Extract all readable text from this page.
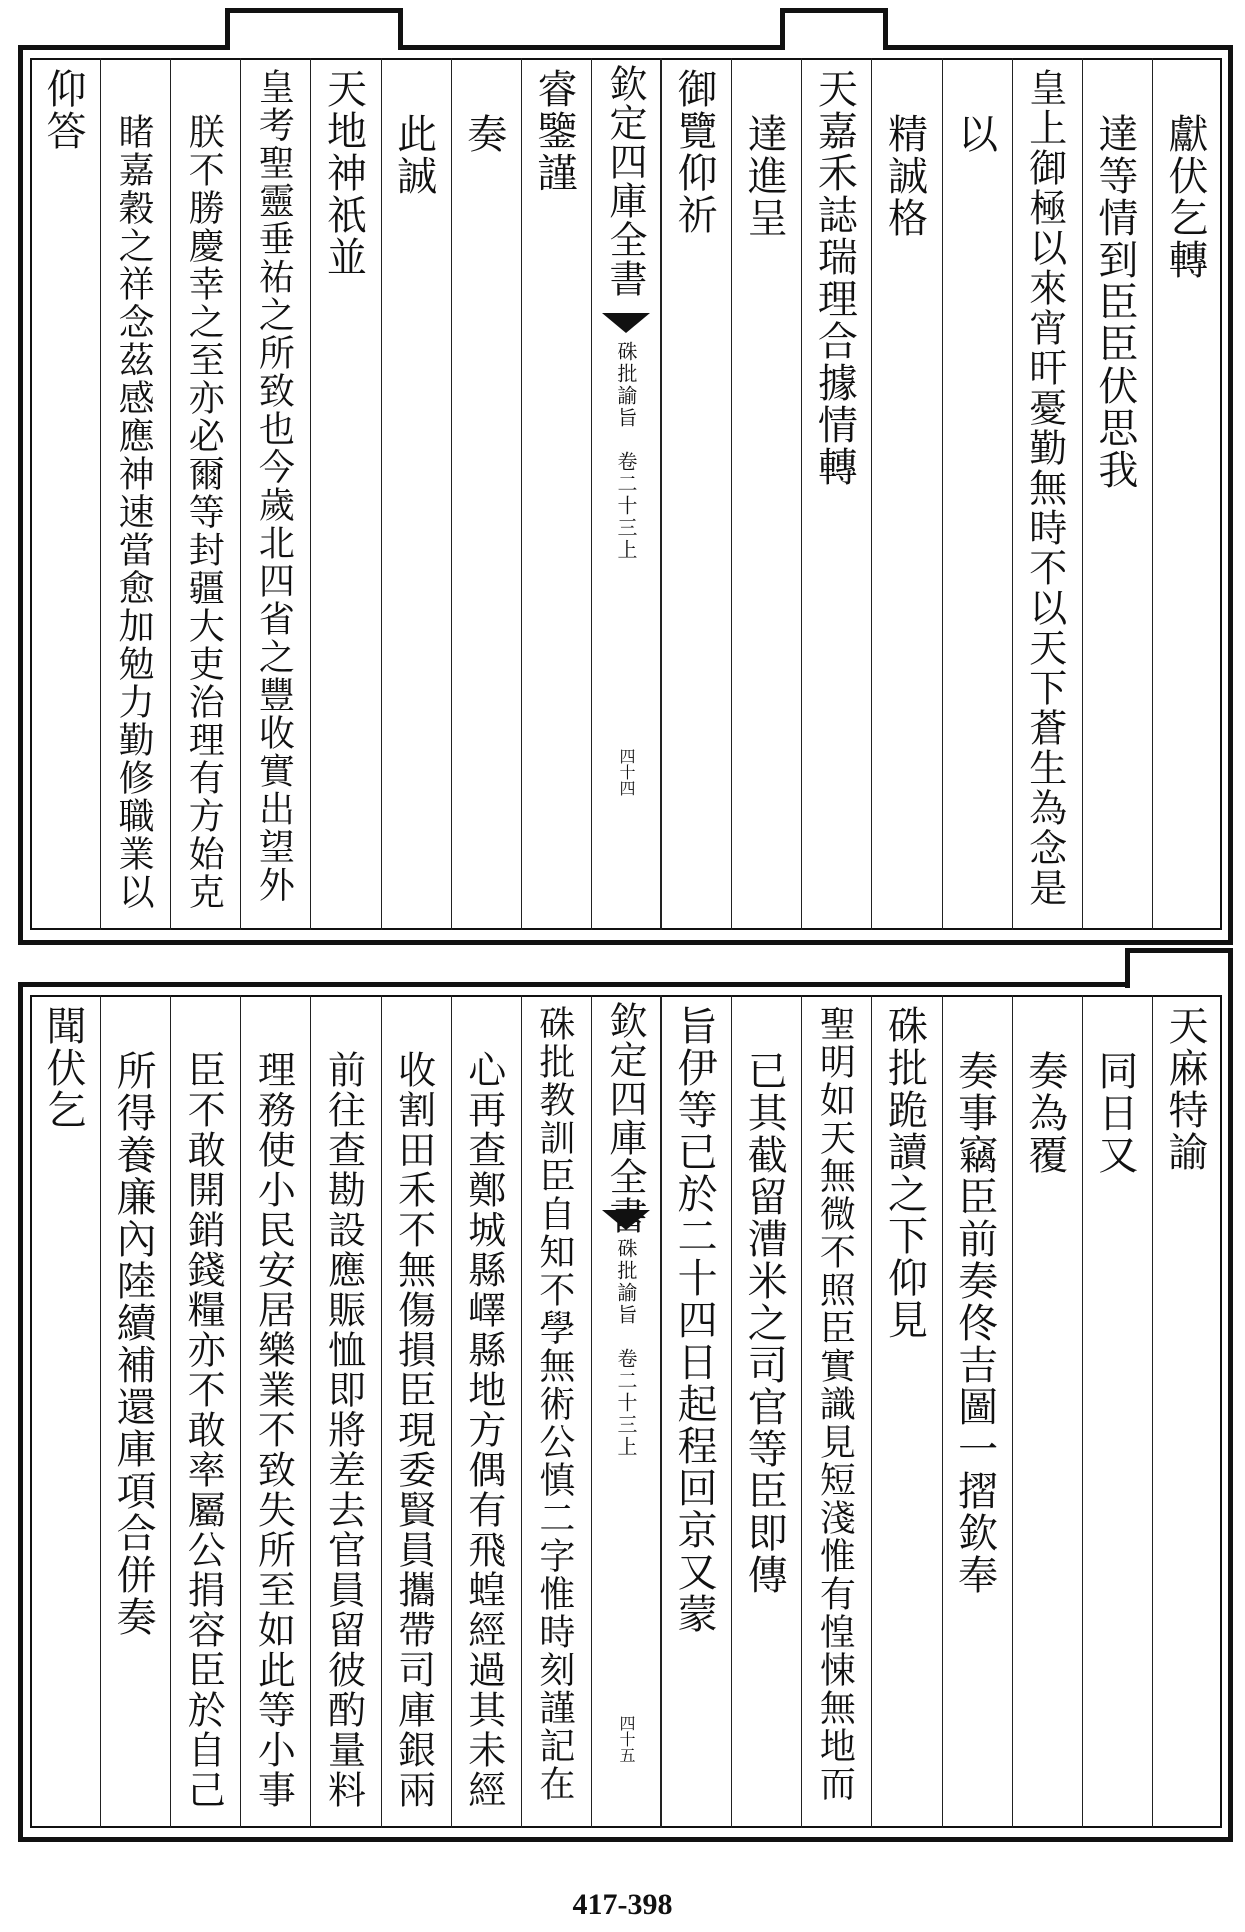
獻伏乞轉
達等情到臣臣伏思我
皇上御極以來宵旰憂勤無時不以天下蒼生為念是
以
精誠格
天嘉禾誌瑞理合據情轉
達進呈
御覽仰祈
欽定四庫全書
硃批諭旨　卷二十三上
四十四
睿鑒謹
奏
此誠
天地神祇並
皇考聖靈垂祐之所致也今歲北四省之豐收實出望外
朕不勝慶幸之至亦必爾等封疆大吏治理有方始克
睹嘉穀之祥念茲感應神速當愈加勉力勤修職業以
仰答
天麻特諭
同日又
奏為覆
奏事竊臣前奏佟吉圖一摺欽奉
硃批跪讀之下仰見
聖明如天無微不照臣實識見短淺惟有惶悚無地而
已其截留漕米之司官等臣即傳
旨伊等已於二十四日起程回京又蒙
欽定四庫全書
硃批諭旨　卷二十三上
四十五
硃批教訓臣自知不學無術公慎二字惟時刻謹記在
心再查鄭城縣嶧縣地方偶有飛蝗經過其未經
收割田禾不無傷損臣現委賢員攜帶司庫銀兩
前往查勘設應賑恤即將差去官員留彼酌量料
理務使小民安居樂業不致失所至如此等小事
臣不敢開銷錢糧亦不敢率屬公捐容臣於自己
所得養廉內陸續補還庫項合併奏
聞伏乞
417-398
